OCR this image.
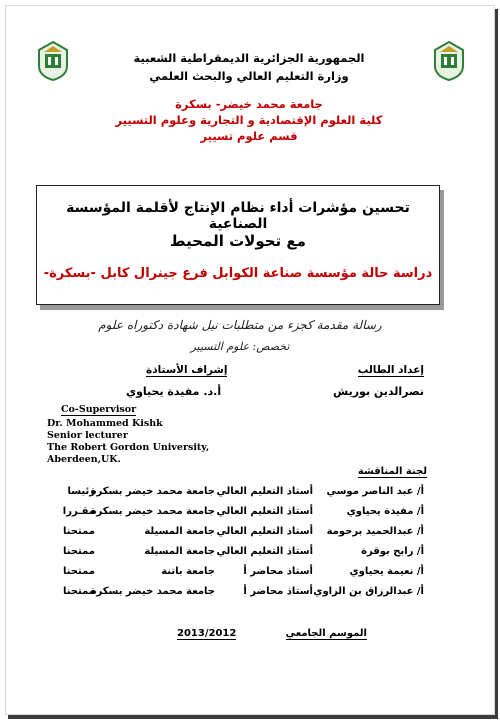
الجمهورية الجزائرية الديمقراطية الشعبية
وزارة التعليم العالي والبحث العلمي
جامعة محمد خيضر- بسكرة
كلية العلوم الإقتصادية و التجارية وعلوم التسيير
قسم علوم تسيير
تحسين مؤشرات أداء نظام الإنتاج لأقلمة المؤسسة الصناعية
مع تحولات المحيط
دراسة حالة مؤسسة صناعة الكوابل فرع جينرال كابل -بسكرة-
رسالة مقدمة كجزء من متطلبات نيل شهادة دكتوراه علوم
تخصص: علوم التسيير
إعداد الطالب
إشراف الأستاذة
نصرالدين بوريش
أ.د. مفيدة يحياوي
Co-Supervisor
Dr. Mohammed Kishk
Senior lecturer
The Robert Gordon University,
Aberdeen,UK.
لجنة المناقشة
أ/ عبد الناصر موسي
أستاذ التعليم العالي
جامعة محمد خيضر بسكرة
رئيسا
أ/ مفيدة يحياوي
أستاذ التعليم العالي
جامعة محمد خيضر بسكرة
مقـررا
أ/ عبدالحميد برحومة
أستاذ التعليم العالي
جامعة المسيلة
ممتحنا
أ/ رابح بوقرة
أستاذ التعليم العالي
جامعة المسيلة
ممتحنا
أ/ نعيمة يحياوي
أستاذ محاضر أ
جامعة باتنة
ممتحنا
أ/ عبدالرزاق بن الزاوي
أستاذ محاضر أ
جامعة محمد خيضر بسكرة
ممتحنا
الموسم الجامعي
2013/2012
